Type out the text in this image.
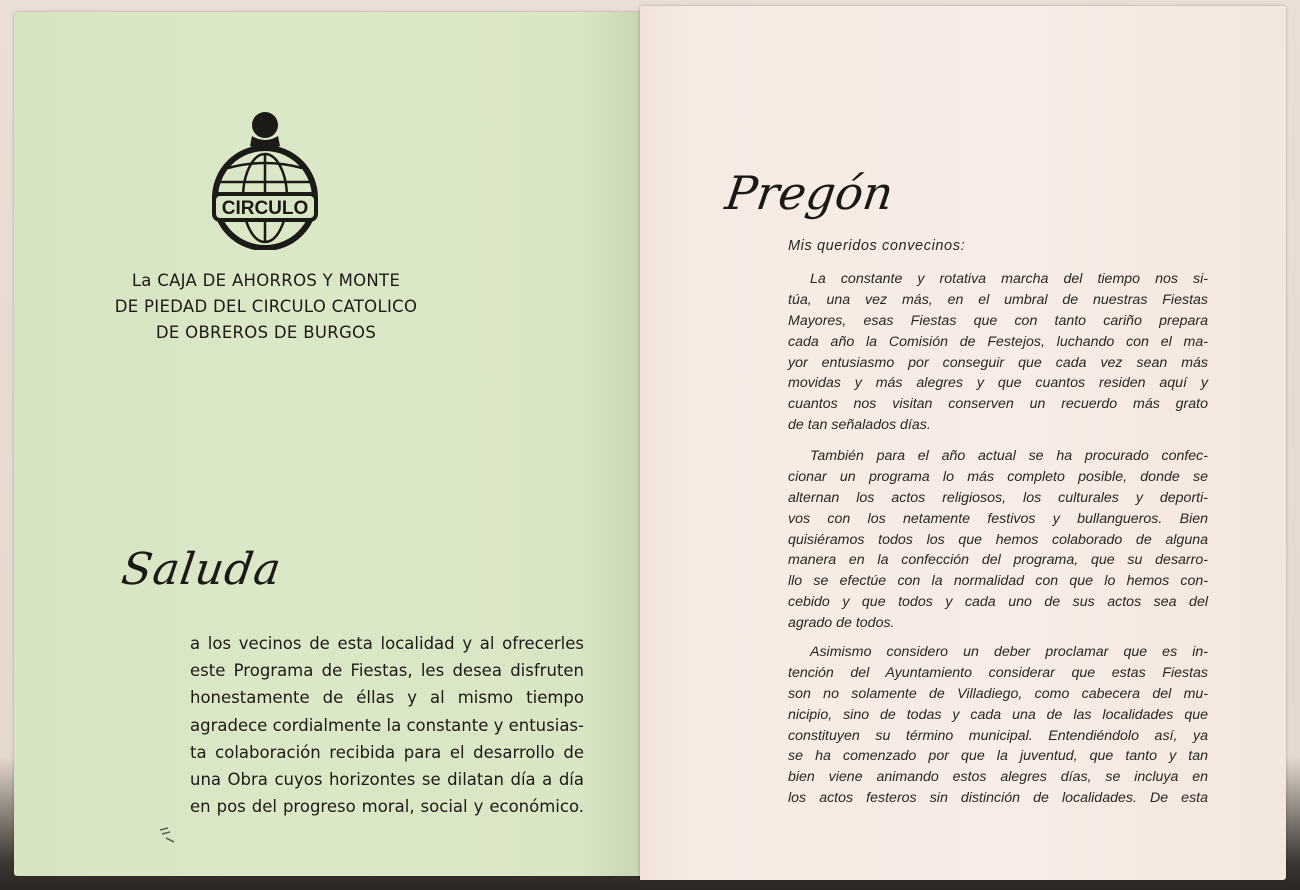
CIRCULO
La CAJA DE AHORROS Y MONTE
DE PIEDAD DEL CIRCULO CATOLICO
DE OBREROS DE BURGOS
Saluda
a los vecinos de esta localidad y al ofrecerles
este Programa de Fiestas, les desea disfruten
honestamente de éllas y al mismo tiempo
agradece cordialmente la constante y entusias-
ta colaboración recibida para el desarrollo de
una Obra cuyos horizontes se dilatan día a día
en pos del progreso moral, social y económico.
Pregón
Mis queridos convecinos:
La constante y rotativa marcha del tiempo nos si-
túa, una vez más, en el umbral de nuestras Fiestas
Mayores, esas Fiestas que con tanto cariño prepara
cada año la Comisión de Festejos, luchando con el ma-
yor entusiasmo por conseguir que cada vez sean más
movidas y más alegres y que cuantos residen aquí y
cuantos nos visitan conserven un recuerdo más grato
de tan señalados días.
También para el año actual se ha procurado confec-
cionar un programa lo más completo posible, donde se
alternan los actos religiosos, los culturales y deporti-
vos con los netamente festivos y bullangueros. Bien
quisiéramos todos los que hemos colaborado de alguna
manera en la confección del programa, que su desarro-
llo se efectúe con la normalidad con que lo hemos con-
cebido y que todos y cada uno de sus actos sea del
agrado de todos.
Asimismo considero un deber proclamar que es in-
tención del Ayuntamiento considerar que estas Fiestas
son no solamente de Villadiego, como cabecera del mu-
nicipio, sino de todas y cada una de las localidades que
constituyen su término municipal. Entendiéndolo así, ya
se ha comenzado por que la juventud, que tanto y tan
bien viene animando estos alegres días, se incluya en
los actos festeros sin distinción de localidades. De esta
